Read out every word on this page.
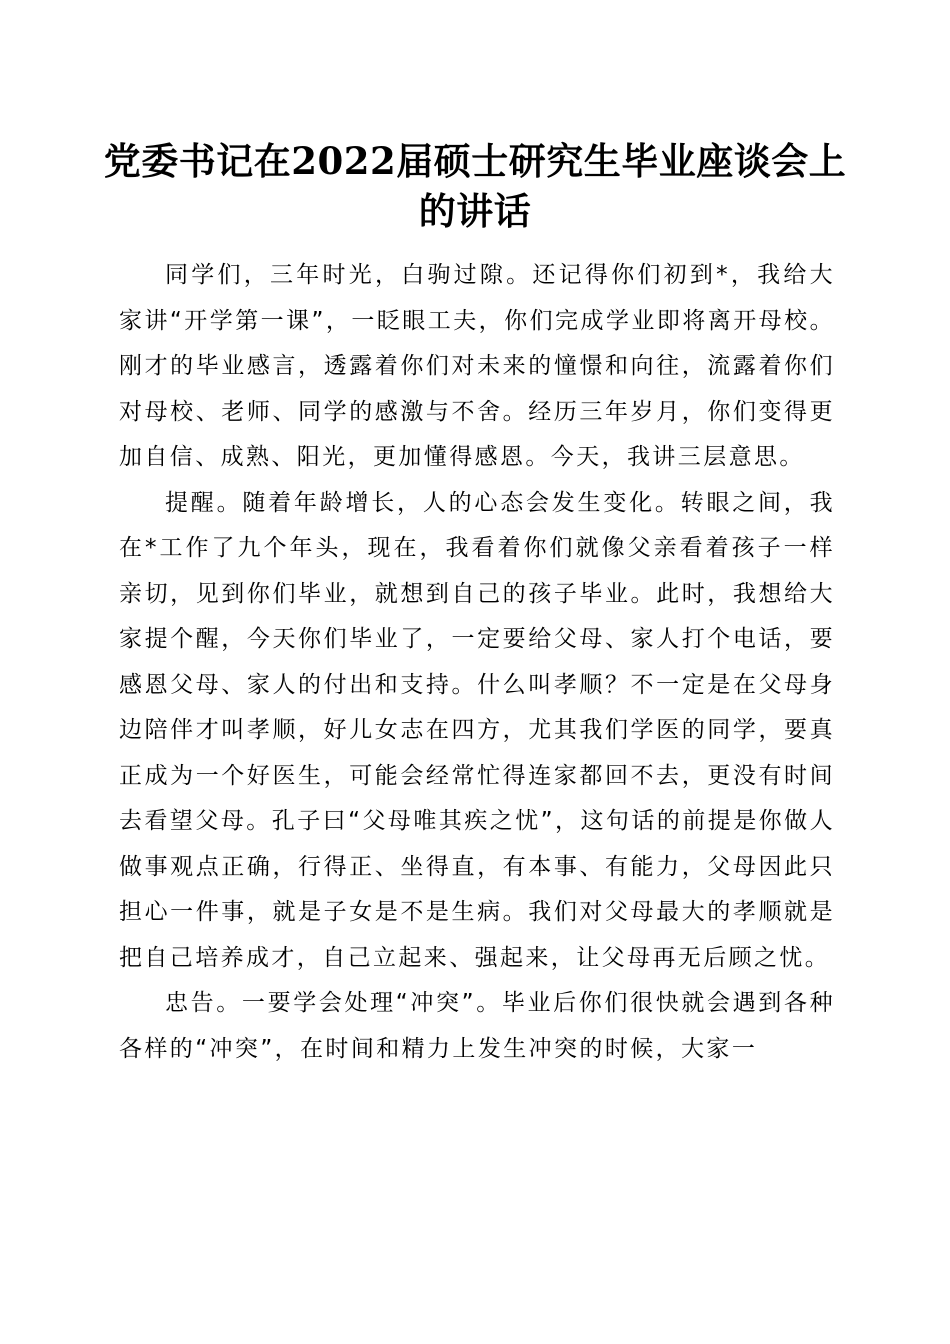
党委书记在2022届硕士研究生毕业座谈会上
的讲话

同学们，三年时光，白驹过隙。还记得你们初到*，我给大家讲“开学第一课”，一眨眼工夫，你们完成学业即将离开母校。刚才的毕业感言，透露着你们对未来的憧憬和向往，流露着你们对母校、老师、同学的感激与不舍。经历三年岁月，你们变得更加自信、成熟、阳光，更加懂得感恩。今天，我讲三层意思。

提醒。随着年龄增长，人的心态会发生变化。转眼之间，我在*工作了九个年头，现在，我看着你们就像父亲看着孩子一样亲切，见到你们毕业，就想到自己的孩子毕业。此时，我想给大家提个醒，今天你们毕业了，一定要给父母、家人打个电话，要感恩父母、家人的付出和支持。什么叫孝顺？不一定是在父母身边陪伴才叫孝顺，好儿女志在四方，尤其我们学医的同学，要真正成为一个好医生，可能会经常忙得连家都回不去，更没有时间去看望父母。孔子曰“父母唯其疾之忧”，这句话的前提是你做人做事观点正确，行得正、坐得直，有本事、有能力，父母因此只担心一件事，就是子女是不是生病。我们对父母最大的孝顺就是把自己培养成才，自己立起来、强起来，让父母再无后顾之忧。

忠告。一要学会处理“冲突”。毕业后你们很快就会遇到各种各样的“冲突”，在时间和精力上发生冲突的时候，大家一
